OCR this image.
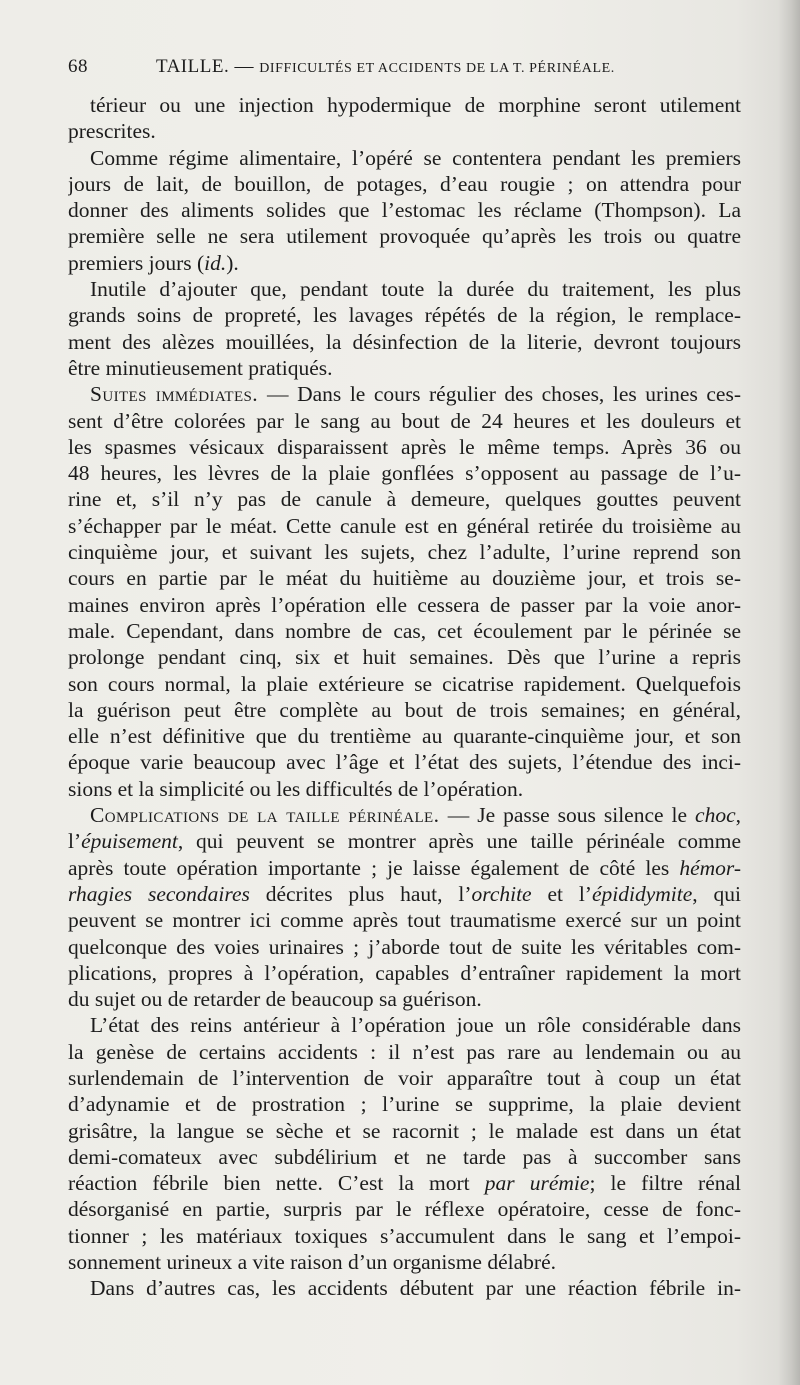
68	TAILLE. — DIFFICULTÉS ET ACCIDENTS DE LA T. PÉRINÉALE.
térieur ou une injection hypodermique de morphine seront utilement
prescrites.
Comme régime alimentaire, l’opéré se contentera pendant les premiers
jours de lait, de bouillon, de potages, d’eau rougie ; on attendra pour
donner des aliments solides que l’estomac les réclame (Thompson). La
première selle ne sera utilement provoquée qu’après les trois ou quatre
premiers jours (id.).
Inutile d’ajouter que, pendant toute la durée du traitement, les plus
grands soins de propreté, les lavages répétés de la région, le remplace-
ment des alèzes mouillées, la désinfection de la literie, devront toujours
être minutieusement pratiqués.
Suites immédiates. — Dans le cours régulier des choses, les urines ces-
sent d’être colorées par le sang au bout de 24 heures et les douleurs et
les spasmes vésicaux disparaissent après le même temps. Après 36 ou
48 heures, les lèvres de la plaie gonflées s’opposent au passage de l’u-
rine et, s’il n’y pas de canule à demeure, quelques gouttes peuvent
s’échapper par le méat. Cette canule est en général retirée du troisième au
cinquième jour, et suivant les sujets, chez l’adulte, l’urine reprend son
cours en partie par le méat du huitième au douzième jour, et trois se-
maines environ après l’opération elle cessera de passer par la voie anor-
male. Cependant, dans nombre de cas, cet écoulement par le périnée se
prolonge pendant cinq, six et huit semaines. Dès que l’urine a repris
son cours normal, la plaie extérieure se cicatrise rapidement. Quelquefois
la guérison peut être complète au bout de trois semaines; en général,
elle n’est définitive que du trentième au quarante-cinquième jour, et son
époque varie beaucoup avec l’âge et l’état des sujets, l’étendue des inci-
sions et la simplicité ou les difficultés de l’opération.
Complications de la taille périnéale. — Je passe sous silence le choc,
l’épuisement, qui peuvent se montrer après une taille périnéale comme
après toute opération importante ; je laisse également de côté les hémor-
rhagies secondaires décrites plus haut, l’orchite et l’épididymite, qui
peuvent se montrer ici comme après tout traumatisme exercé sur un point
quelconque des voies urinaires ; j’aborde tout de suite les véritables com-
plications, propres à l’opération, capables d’entraîner rapidement la mort
du sujet ou de retarder de beaucoup sa guérison.
L’état des reins antérieur à l’opération joue un rôle considérable dans
la genèse de certains accidents : il n’est pas rare au lendemain ou au
surlendemain de l’intervention de voir apparaître tout à coup un état
d’adynamie et de prostration ; l’urine se supprime, la plaie devient
grisâtre, la langue se sèche et se racornit ; le malade est dans un état
demi-comateux avec subdélirium et ne tarde pas à succomber sans
réaction fébrile bien nette. C’est la mort par urémie; le filtre rénal
désorganisé en partie, surpris par le réflexe opératoire, cesse de fonc-
tionner ; les matériaux toxiques s’accumulent dans le sang et l’empoi-
sonnement urineux a vite raison d’un organisme délabré.
Dans d’autres cas, les accidents débutent par une réaction fébrile in-
